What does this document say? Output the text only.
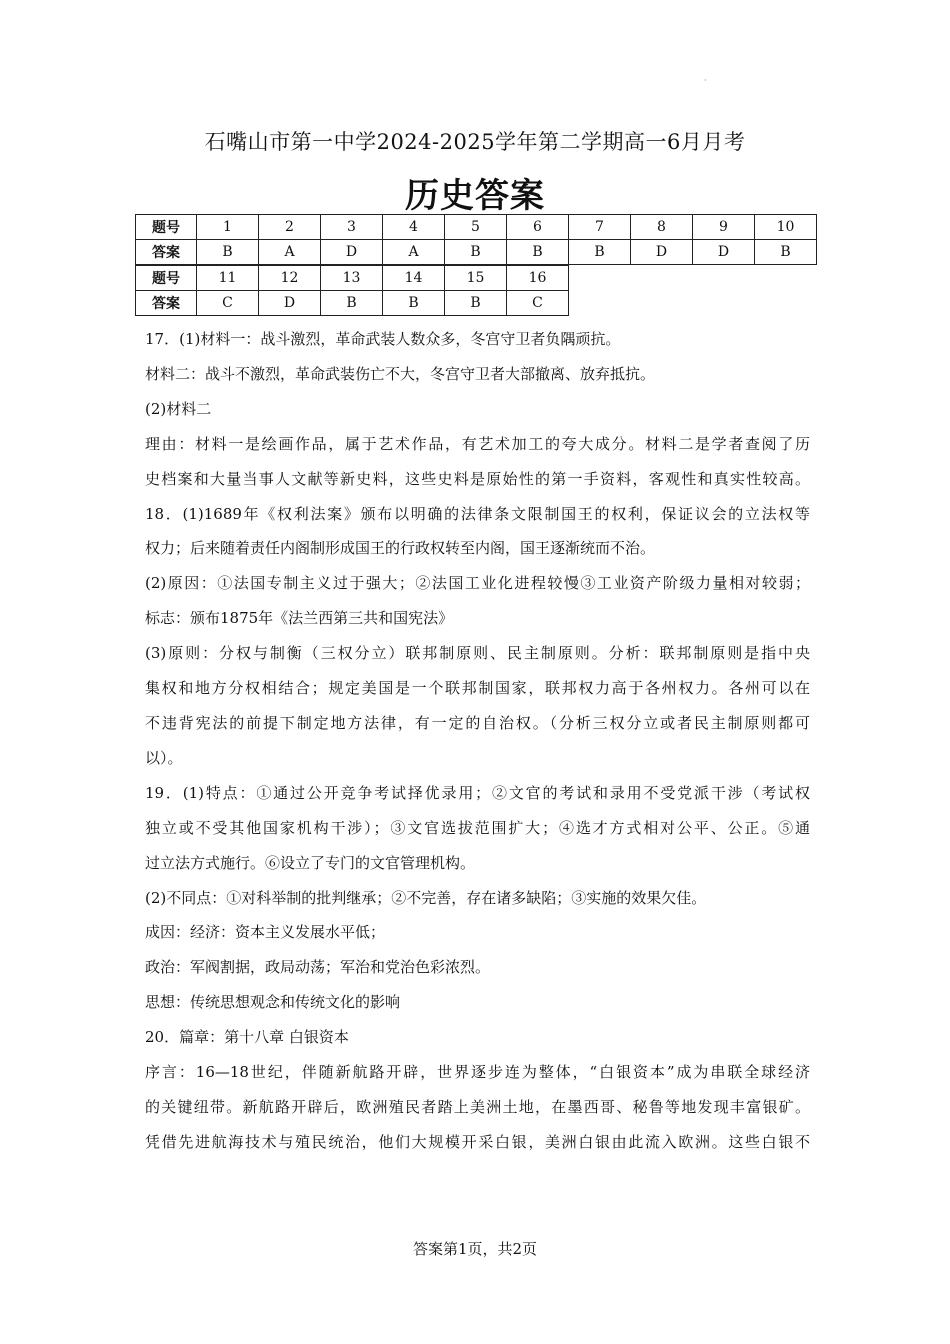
·
石嘴山市第一中学2024-2025学年第二学期高一6月月考
历史答案
题号	1	2	3	4	5	6	7	8	9	10
答案	B	A	D	A	B	B	B	D	D	B
题号	11	12	13	14	15	16
答案	C	D	B	B	B	C

17．(1)材料一：战斗激烈，革命武装人数众多，冬宫守卫者负隅顽抗。

材料二：战斗不激烈，革命武装伤亡不大，冬宫守卫者大部撤离、放弃抵抗。

(2)材料二

理由：材料一是绘画作品，属于艺术作品，有艺术加工的夸大成分。材料二是学者查阅了历

史档案和大量当事人文献等新史料，这些史料是原始性的第一手资料，客观性和真实性较高。

18．(1)1689年《权利法案》颁布以明确的法律条文限制国王的权利，保证议会的立法权等

权力；后来随着责任内阁制形成国王的行政权转至内阁，国王逐渐统而不治。

(2)原因：①法国专制主义过于强大；②法国工业化进程较慢③工业资产阶级力量相对较弱；

标志：颁布1875年《法兰西第三共和国宪法》

(3)原则：分权与制衡（三权分立）联邦制原则、民主制原则。分析：联邦制原则是指中央

集权和地方分权相结合；规定美国是一个联邦制国家，联邦权力高于各州权力。各州可以在

不违背宪法的前提下制定地方法律，有一定的自治权。（分析三权分立或者民主制原则都可

以）。

19．(1)特点：①通过公开竞争考试择优录用；②文官的考试和录用不受党派干涉（考试权

独立或不受其他国家机构干涉）；③文官选拔范围扩大；④选才方式相对公平、公正。⑤通

过立法方式施行。⑥设立了专门的文官管理机构。

(2)不同点：①对科举制的批判继承；②不完善，存在诸多缺陷；③实施的效果欠佳。

成因：经济：资本主义发展水平低；

政治：军阀割据，政局动荡；军治和党治色彩浓烈。

思想：传统思想观念和传统文化的影响

20．篇章：第十八章 白银资本

序言：16—18世纪，伴随新航路开辟，世界逐步连为整体，“白银资本”成为串联全球经济

的关键纽带。新航路开辟后，欧洲殖民者踏上美洲土地，在墨西哥、秘鲁等地发现丰富银矿。

凭借先进航海技术与殖民统治，他们大规模开采白银，美洲白银由此流入欧洲。这些白银不

答案第1页，共2页
